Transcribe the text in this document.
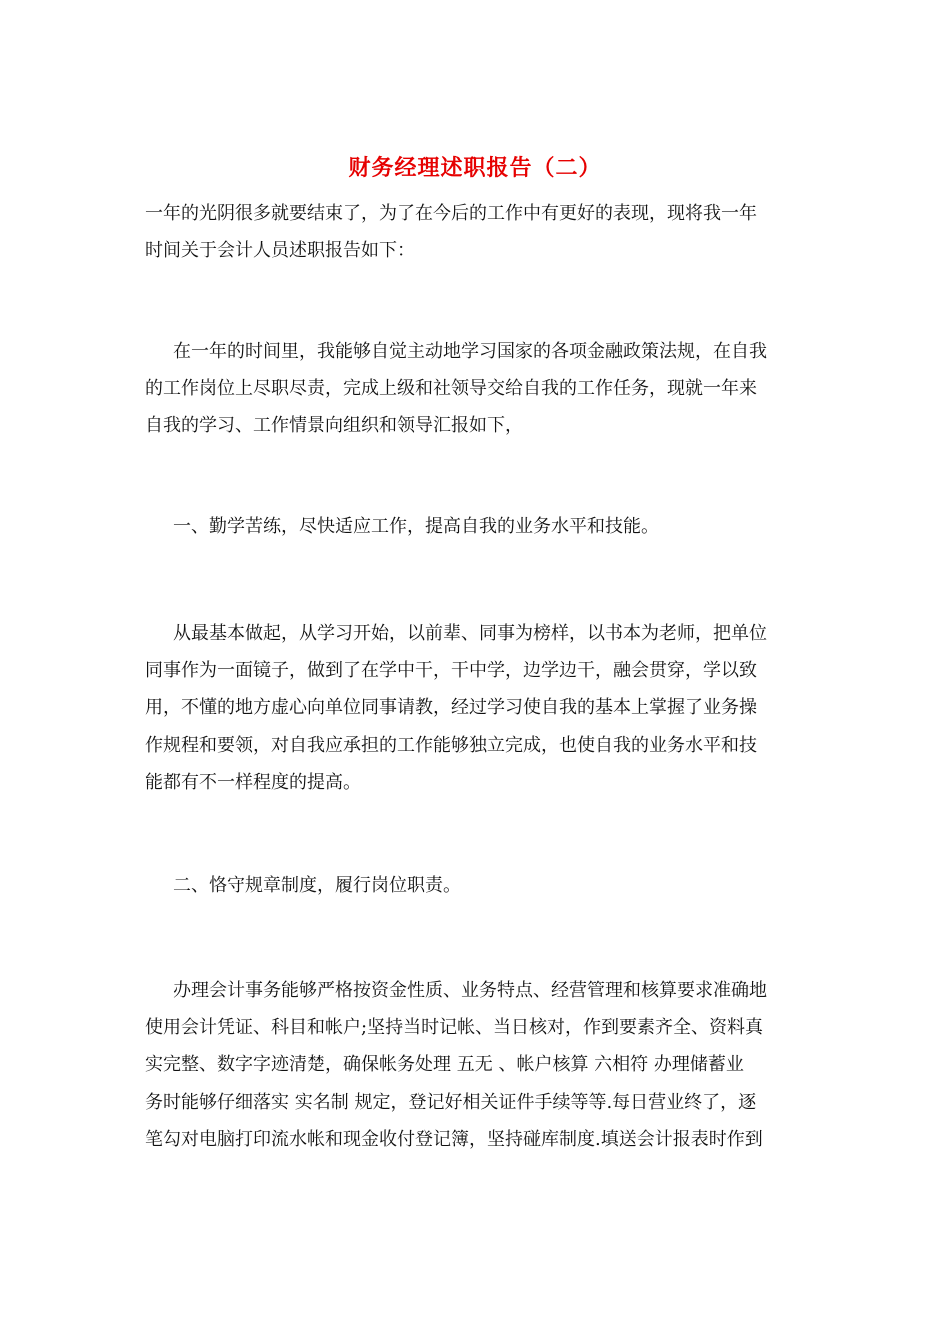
财务经理述职报告（二）
一年的光阴很多就要结束了，为了在今后的工作中有更好的表现，现将我一年
时间关于会计人员述职报告如下：
在一年的时间里，我能够自觉主动地学习国家的各项金融政策法规，在自我
的工作岗位上尽职尽责，完成上级和社领导交给自我的工作任务，现就一年来
自我的学习、工作情景向组织和领导汇报如下，
一、勤学苦练，尽快适应工作，提高自我的业务水平和技能。
从最基本做起，从学习开始，以前辈、同事为榜样，以书本为老师，把单位
同事作为一面镜子，做到了在学中干，干中学，边学边干，融会贯穿，学以致
用，不懂的地方虚心向单位同事请教，经过学习使自我的基本上掌握了业务操
作规程和要领，对自我应承担的工作能够独立完成，也使自我的业务水平和技
能都有不一样程度的提高。
二、恪守规章制度，履行岗位职责。
办理会计事务能够严格按资金性质、业务特点、经营管理和核算要求准确地
使用会计凭证、科目和帐户;坚持当时记帐、当日核对，作到要素齐全、资料真
实完整、数字字迹清楚，确保帐务处理 五无 、帐户核算 六相符 办理储蓄业
务时能够仔细落实 实名制 规定，登记好相关证件手续等等.每日营业终了，逐
笔勾对电脑打印流水帐和现金收付登记簿，坚持碰库制度.填送会计报表时作到
